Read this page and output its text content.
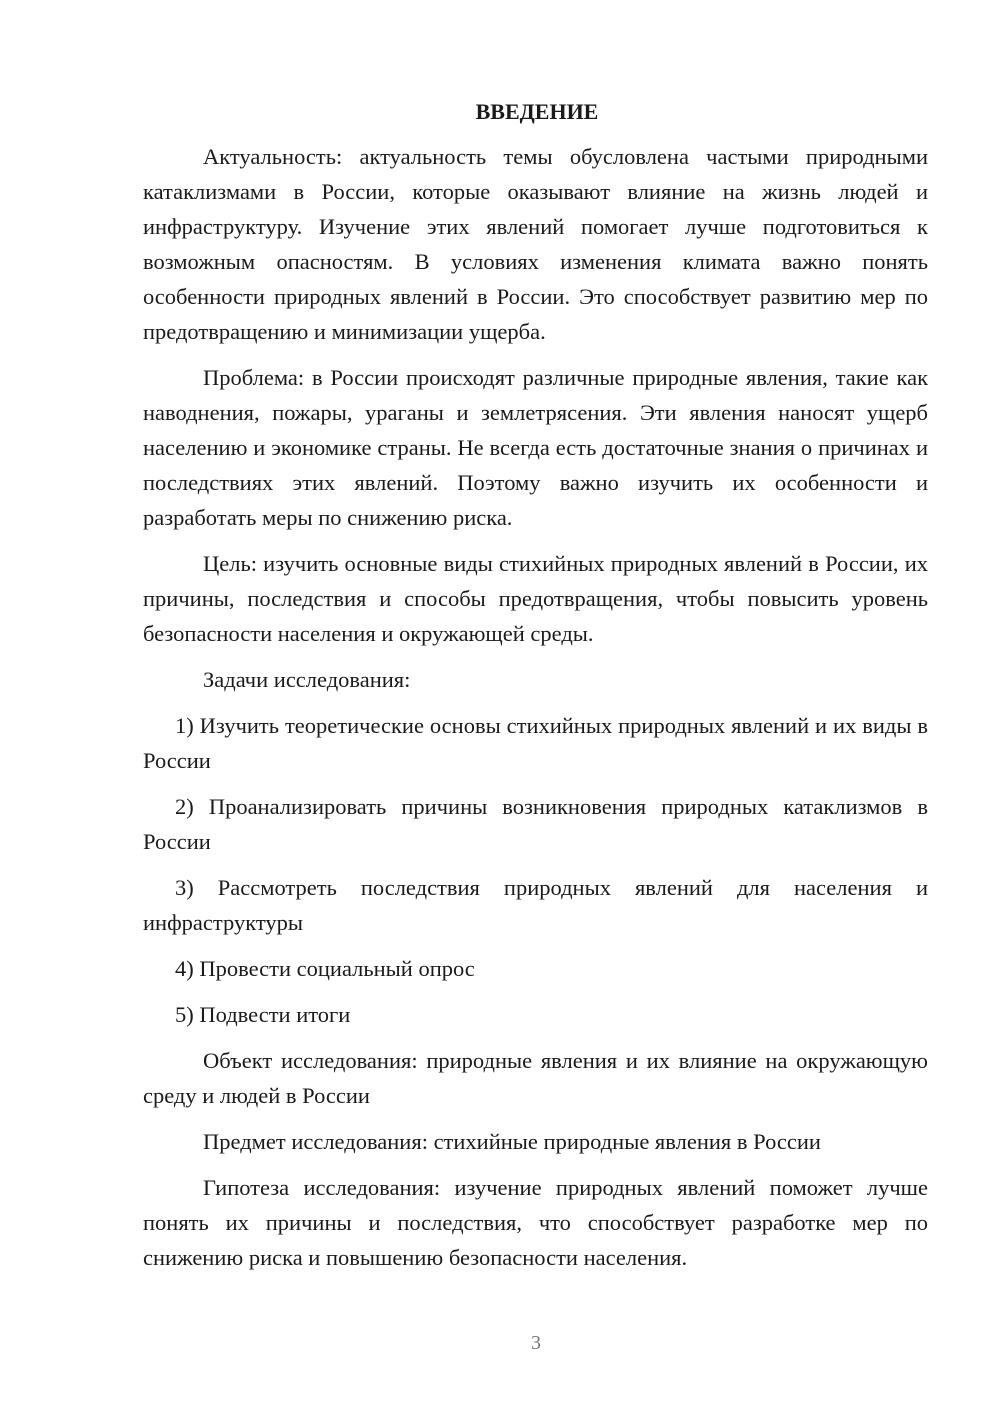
ВВЕДЕНИЕ

Актуальность: актуальность темы обусловлена частыми природными катаклизмами в России, которые оказывают влияние на жизнь людей и инфраструктуру. Изучение этих явлений помогает лучше подготовиться к возможным опасностям. В условиях изменения климата важно понять особенности природных явлений в России. Это способствует развитию мер по предотвращению и минимизации ущерба.

Проблема: в России происходят различные природные явления, такие как наводнения, пожары, ураганы и землетрясения. Эти явления наносят ущерб населению и экономике страны. Не всегда есть достаточные знания о причинах и последствиях этих явлений. Поэтому важно изучить их особенности и разработать меры по снижению риска.

Цель: изучить основные виды стихийных природных явлений в России, их причины, последствия и способы предотвращения, чтобы повысить уровень безопасности населения и окружающей среды.

Задачи исследования:

1) Изучить теоретические основы стихийных природных явлений и их виды в России

2) Проанализировать причины возникновения природных катаклизмов в России

3) Рассмотреть последствия природных явлений для населения и инфраструктуры

4) Провести социальный опрос

5) Подвести итоги

Объект исследования: природные явления и их влияние на окружающую среду и людей в России

Предмет исследования: стихийные природные явления в России

Гипотеза исследования: изучение природных явлений поможет лучше понять их причины и последствия, что способствует разработке мер по снижению риска и повышению безопасности населения.

3
